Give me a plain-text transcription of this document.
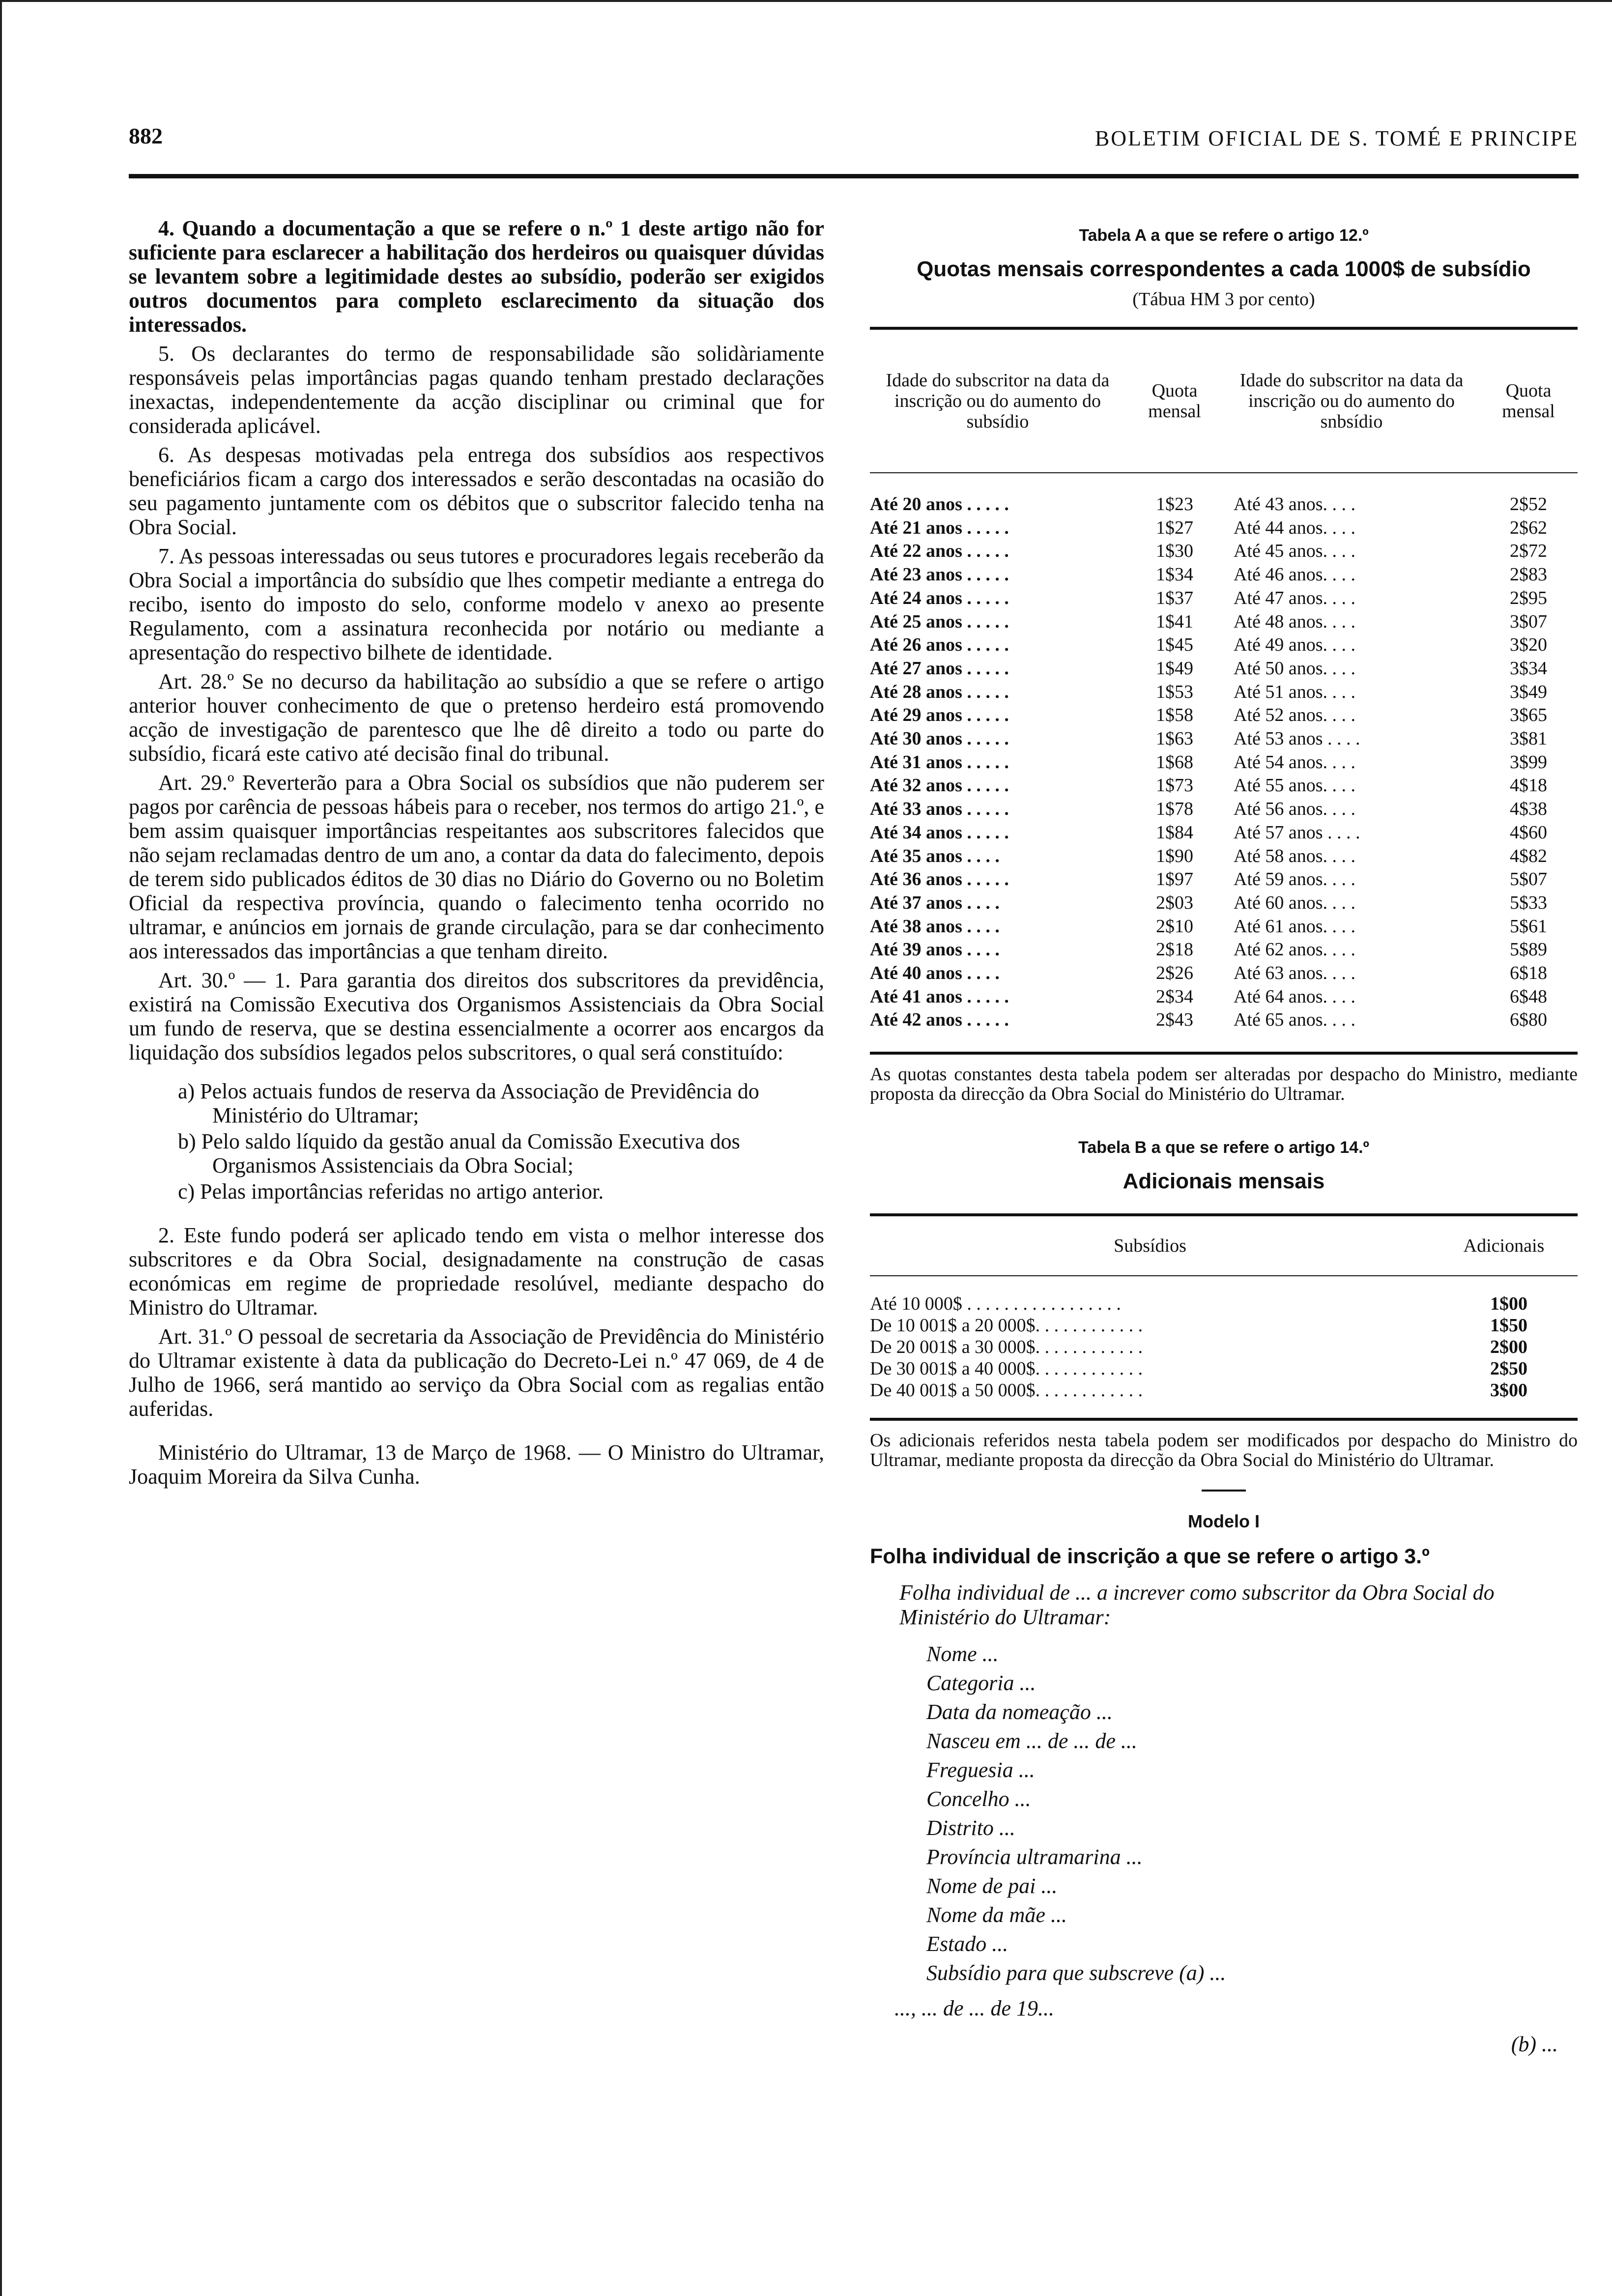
882	BOLETIM OFICIAL DE S. TOMÉ E PRINCIPE

4. Quando a documentação a que se refere o n.º 1 deste artigo não for suficiente para esclarecer a habilitação dos herdeiros ou quaisquer dúvidas se levantem sobre a legitimidade destes ao subsídio, poderão ser exigidos outros documentos para completo esclarecimento da situação dos interessados.

5. Os declarantes do termo de responsabilidade são solidàriamente responsáveis pelas importâncias pagas quando tenham prestado declarações inexactas, independentemente da acção disciplinar ou criminal que for considerada aplicável.

6. As despesas motivadas pela entrega dos subsídios aos respectivos beneficiários ficam a cargo dos interessados e serão descontadas na ocasião do seu pagamento juntamente com os débitos que o subscritor falecido tenha na Obra Social.

7. As pessoas interessadas ou seus tutores e procuradores legais receberão da Obra Social a importância do subsídio que lhes competir mediante a entrega do recibo, isento do imposto do selo, conforme modelo v anexo ao presente Regulamento, com a assinatura reconhecida por notário ou mediante a apresentação do respectivo bilhete de identidade.

Art. 28.º Se no decurso da habilitação ao subsídio a que se refere o artigo anterior houver conhecimento de que o pretenso herdeiro está promovendo acção de investigação de parentesco que lhe dê direito a todo ou parte do subsídio, ficará este cativo até decisão final do tribunal.

Art. 29.º Reverterão para a Obra Social os subsídios que não puderem ser pagos por carência de pessoas hábeis para o receber, nos termos do artigo 21.º, e bem assim quaisquer importâncias respeitantes aos subscritores falecidos que não sejam reclamadas dentro de um ano, a contar da data do falecimento, depois de terem sido publicados éditos de 30 dias no Diário do Governo ou no Boletim Oficial da respectiva província, quando o falecimento tenha ocorrido no ultramar, e anúncios em jornais de grande circulação, para se dar conhecimento aos interessados das importâncias a que tenham direito.

Art. 30.º — 1. Para garantia dos direitos dos subscritores da previdência, existirá na Comissão Executiva dos Organismos Assistenciais da Obra Social um fundo de reserva, que se destina essencialmente a ocorrer aos encargos da liquidação dos subsídios legados pelos subscritores, o qual será constituído:

a) Pelos actuais fundos de reserva da Associação de Previdência do Ministério do Ultramar;
b) Pelo saldo líquido da gestão anual da Comissão Executiva dos Organismos Assistenciais da Obra Social;
c) Pelas importâncias referidas no artigo anterior.

2. Este fundo poderá ser aplicado tendo em vista o melhor interesse dos subscritores e da Obra Social, designadamente na construção de casas económicas em regime de propriedade resolúvel, mediante despacho do Ministro do Ultramar.

Art. 31.º O pessoal de secretaria da Associação de Previdência do Ministério do Ultramar existente à data da publicação do Decreto-Lei n.º 47 069, de 4 de Julho de 1966, será mantido ao serviço da Obra Social com as regalias então auferidas.

Ministério do Ultramar, 13 de Março de 1968. — O Ministro do Ultramar, Joaquim Moreira da Silva Cunha.

Tabela A a que se refere o artigo 12.º
Quotas mensais correspondentes a cada 1000$ de subsídio
(Tábua HM 3 por cento)
Idade do subscritor na data da inscrição ou do aumento do subsídio
Quota mensal
Idade do subscritor na data da inscrição ou do aumento do snbsídio
Quota mensal
Até 20 anos . . . . .	1$23	Até 43 anos. . . .	2$52
Até 21 anos . . . . .	1$27	Até 44 anos. . . .	2$62
Até 22 anos . . . . .	1$30	Até 45 anos. . . .	2$72
Até 23 anos . . . . .	1$34	Até 46 anos. . . .	2$83
Até 24 anos . . . . .	1$37	Até 47 anos. . . .	2$95
Até 25 anos . . . . .	1$41	Até 48 anos. . . .	3$07
Até 26 anos . . . . .	1$45	Até 49 anos. . . .	3$20
Até 27 anos . . . . .	1$49	Até 50 anos. . . .	3$34
Até 28 anos . . . . .	1$53	Até 51 anos. . . .	3$49
Até 29 anos . . . . .	1$58	Até 52 anos. . . .	3$65
Até 30 anos . . . . .	1$63	Até 53 anos . . . .	3$81
Até 31 anos . . . . .	1$68	Até 54 anos. . . .	3$99
Até 32 anos . . . . .	1$73	Até 55 anos. . . .	4$18
Até 33 anos . . . . .	1$78	Até 56 anos. . . .	4$38
Até 34 anos . . . . .	1$84	Até 57 anos . . . .	4$60
Até 35 anos . . . .	1$90	Até 58 anos. . . .	4$82
Até 36 anos . . . . .	1$97	Até 59 anos. . . .	5$07
Até 37 anos . . . .	2$03	Até 60 anos. . . .	5$33
Até 38 anos . . . .	2$10	Até 61 anos. . . .	5$61
Até 39 anos . . . .	2$18	Até 62 anos. . . .	5$89
Até 40 anos . . . .	2$26	Até 63 anos. . . .	6$18
Até 41 anos . . . . .	2$34	Até 64 anos. . . .	6$48
Até 42 anos . . . . .	2$43	Até 65 anos. . . .	6$80
As quotas constantes desta tabela podem ser alteradas por despacho do Ministro, mediante proposta da direcção da Obra Social do Ministério do Ultramar.
Tabela B a que se refere o artigo 14.º
Adicionais mensais
Subsídios	Adicionais
Até 10 000$ . . . . . . . . . . . . . . . . .	1$00
De 10 001$ a 20 000$. . . . . . . . . . . .	1$50
De 20 001$ a 30 000$. . . . . . . . . . . .	2$00
De 30 001$ a 40 000$. . . . . . . . . . . .	2$50
De 40 001$ a 50 000$. . . . . . . . . . . .	3$00
Os adicionais referidos nesta tabela podem ser modificados por despacho do Ministro do Ultramar, mediante proposta da direcção da Obra Social do Ministério do Ultramar.
Modelo I
Folha individual de inscrição a que se refere o artigo 3.º
Folha individual de ... a increver como subscritor da Obra Social do Ministério do Ultramar:
Nome ...
Categoria ...
Data da nomeação ...
Nasceu em ... de ... de ...
Freguesia ...
Concelho ...
Distrito ...
Província ultramarina ...
Nome de pai ...
Nome da mãe ...
Estado ...
Subsídio para que subscreve (a) ...
..., ... de ... de 19...
(b) ...
